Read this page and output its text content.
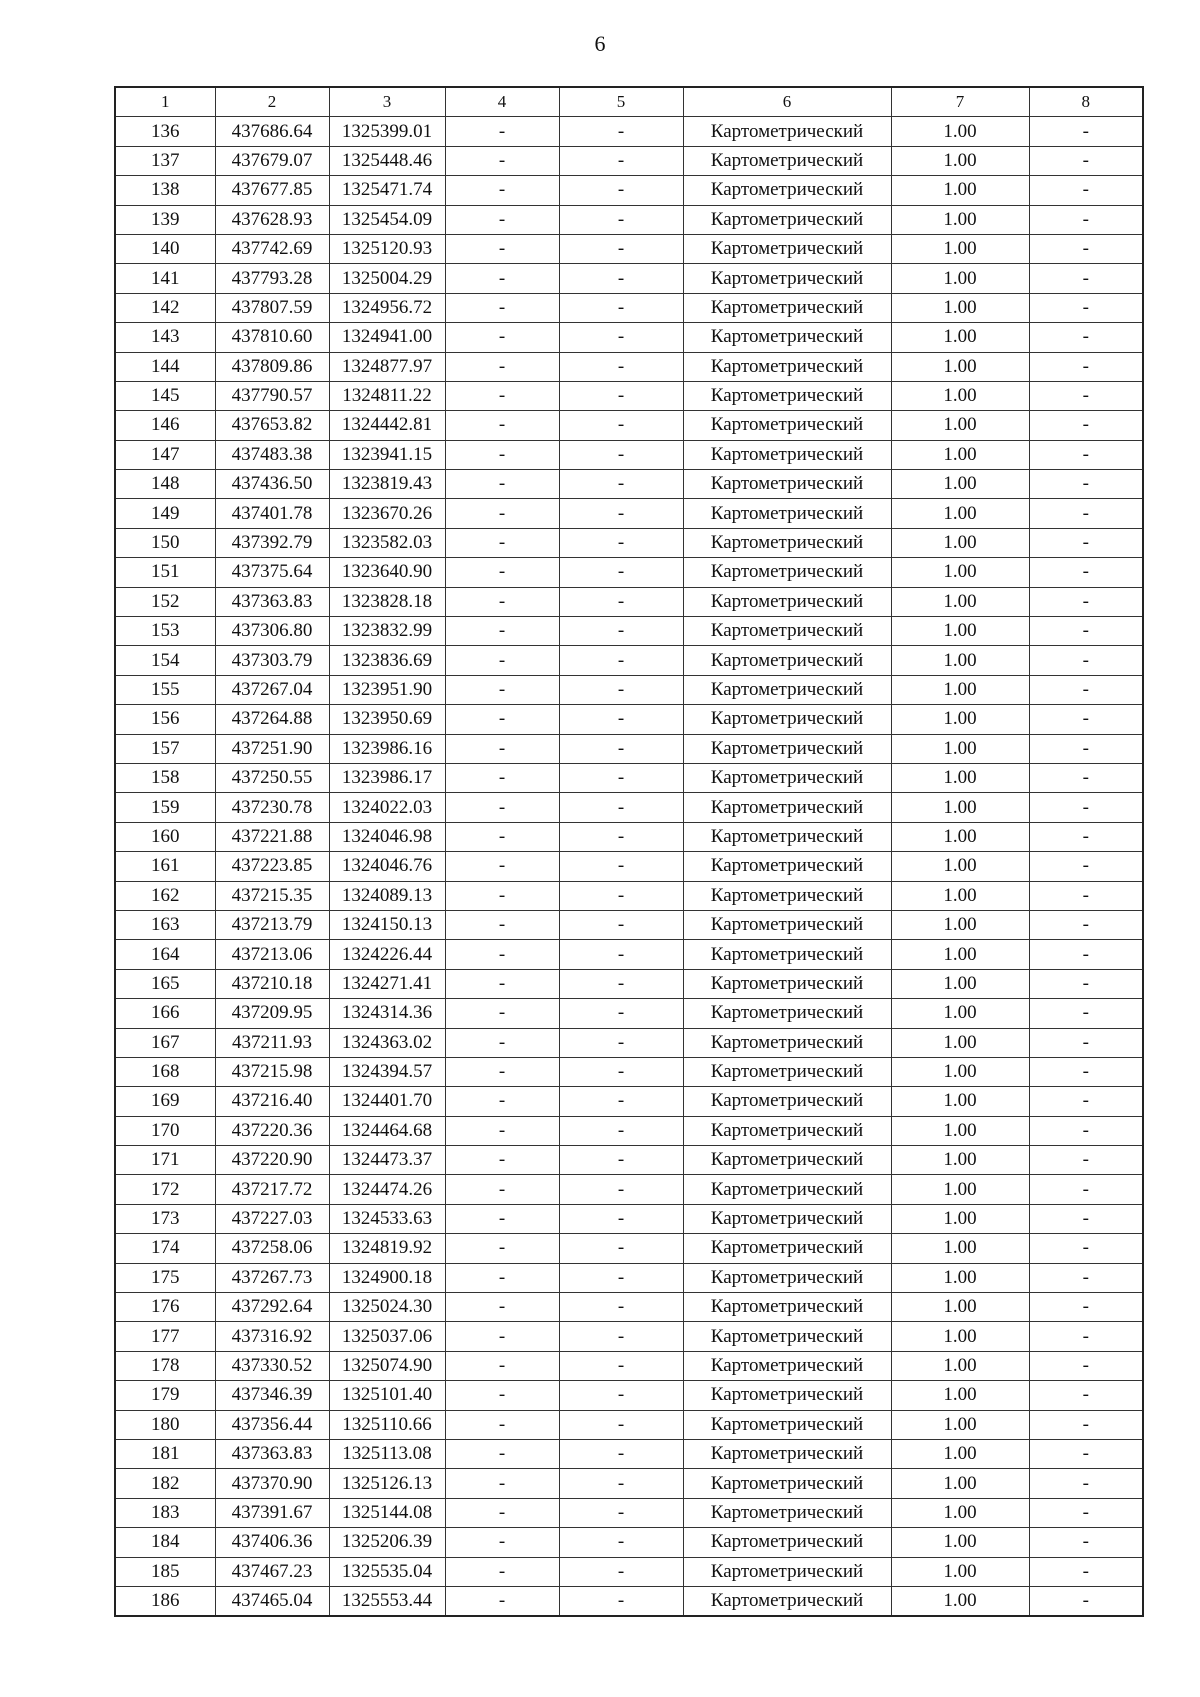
6
1	2	3	4	5	6	7	8
136	437686.64	1325399.01	-	-	Картометрический	1.00	-
137	437679.07	1325448.46	-	-	Картометрический	1.00	-
138	437677.85	1325471.74	-	-	Картометрический	1.00	-
139	437628.93	1325454.09	-	-	Картометрический	1.00	-
140	437742.69	1325120.93	-	-	Картометрический	1.00	-
141	437793.28	1325004.29	-	-	Картометрический	1.00	-
142	437807.59	1324956.72	-	-	Картометрический	1.00	-
143	437810.60	1324941.00	-	-	Картометрический	1.00	-
144	437809.86	1324877.97	-	-	Картометрический	1.00	-
145	437790.57	1324811.22	-	-	Картометрический	1.00	-
146	437653.82	1324442.81	-	-	Картометрический	1.00	-
147	437483.38	1323941.15	-	-	Картометрический	1.00	-
148	437436.50	1323819.43	-	-	Картометрический	1.00	-
149	437401.78	1323670.26	-	-	Картометрический	1.00	-
150	437392.79	1323582.03	-	-	Картометрический	1.00	-
151	437375.64	1323640.90	-	-	Картометрический	1.00	-
152	437363.83	1323828.18	-	-	Картометрический	1.00	-
153	437306.80	1323832.99	-	-	Картометрический	1.00	-
154	437303.79	1323836.69	-	-	Картометрический	1.00	-
155	437267.04	1323951.90	-	-	Картометрический	1.00	-
156	437264.88	1323950.69	-	-	Картометрический	1.00	-
157	437251.90	1323986.16	-	-	Картометрический	1.00	-
158	437250.55	1323986.17	-	-	Картометрический	1.00	-
159	437230.78	1324022.03	-	-	Картометрический	1.00	-
160	437221.88	1324046.98	-	-	Картометрический	1.00	-
161	437223.85	1324046.76	-	-	Картометрический	1.00	-
162	437215.35	1324089.13	-	-	Картометрический	1.00	-
163	437213.79	1324150.13	-	-	Картометрический	1.00	-
164	437213.06	1324226.44	-	-	Картометрический	1.00	-
165	437210.18	1324271.41	-	-	Картометрический	1.00	-
166	437209.95	1324314.36	-	-	Картометрический	1.00	-
167	437211.93	1324363.02	-	-	Картометрический	1.00	-
168	437215.98	1324394.57	-	-	Картометрический	1.00	-
169	437216.40	1324401.70	-	-	Картометрический	1.00	-
170	437220.36	1324464.68	-	-	Картометрический	1.00	-
171	437220.90	1324473.37	-	-	Картометрический	1.00	-
172	437217.72	1324474.26	-	-	Картометрический	1.00	-
173	437227.03	1324533.63	-	-	Картометрический	1.00	-
174	437258.06	1324819.92	-	-	Картометрический	1.00	-
175	437267.73	1324900.18	-	-	Картометрический	1.00	-
176	437292.64	1325024.30	-	-	Картометрический	1.00	-
177	437316.92	1325037.06	-	-	Картометрический	1.00	-
178	437330.52	1325074.90	-	-	Картометрический	1.00	-
179	437346.39	1325101.40	-	-	Картометрический	1.00	-
180	437356.44	1325110.66	-	-	Картометрический	1.00	-
181	437363.83	1325113.08	-	-	Картометрический	1.00	-
182	437370.90	1325126.13	-	-	Картометрический	1.00	-
183	437391.67	1325144.08	-	-	Картометрический	1.00	-
184	437406.36	1325206.39	-	-	Картометрический	1.00	-
185	437467.23	1325535.04	-	-	Картометрический	1.00	-
186	437465.04	1325553.44	-	-	Картометрический	1.00	-
